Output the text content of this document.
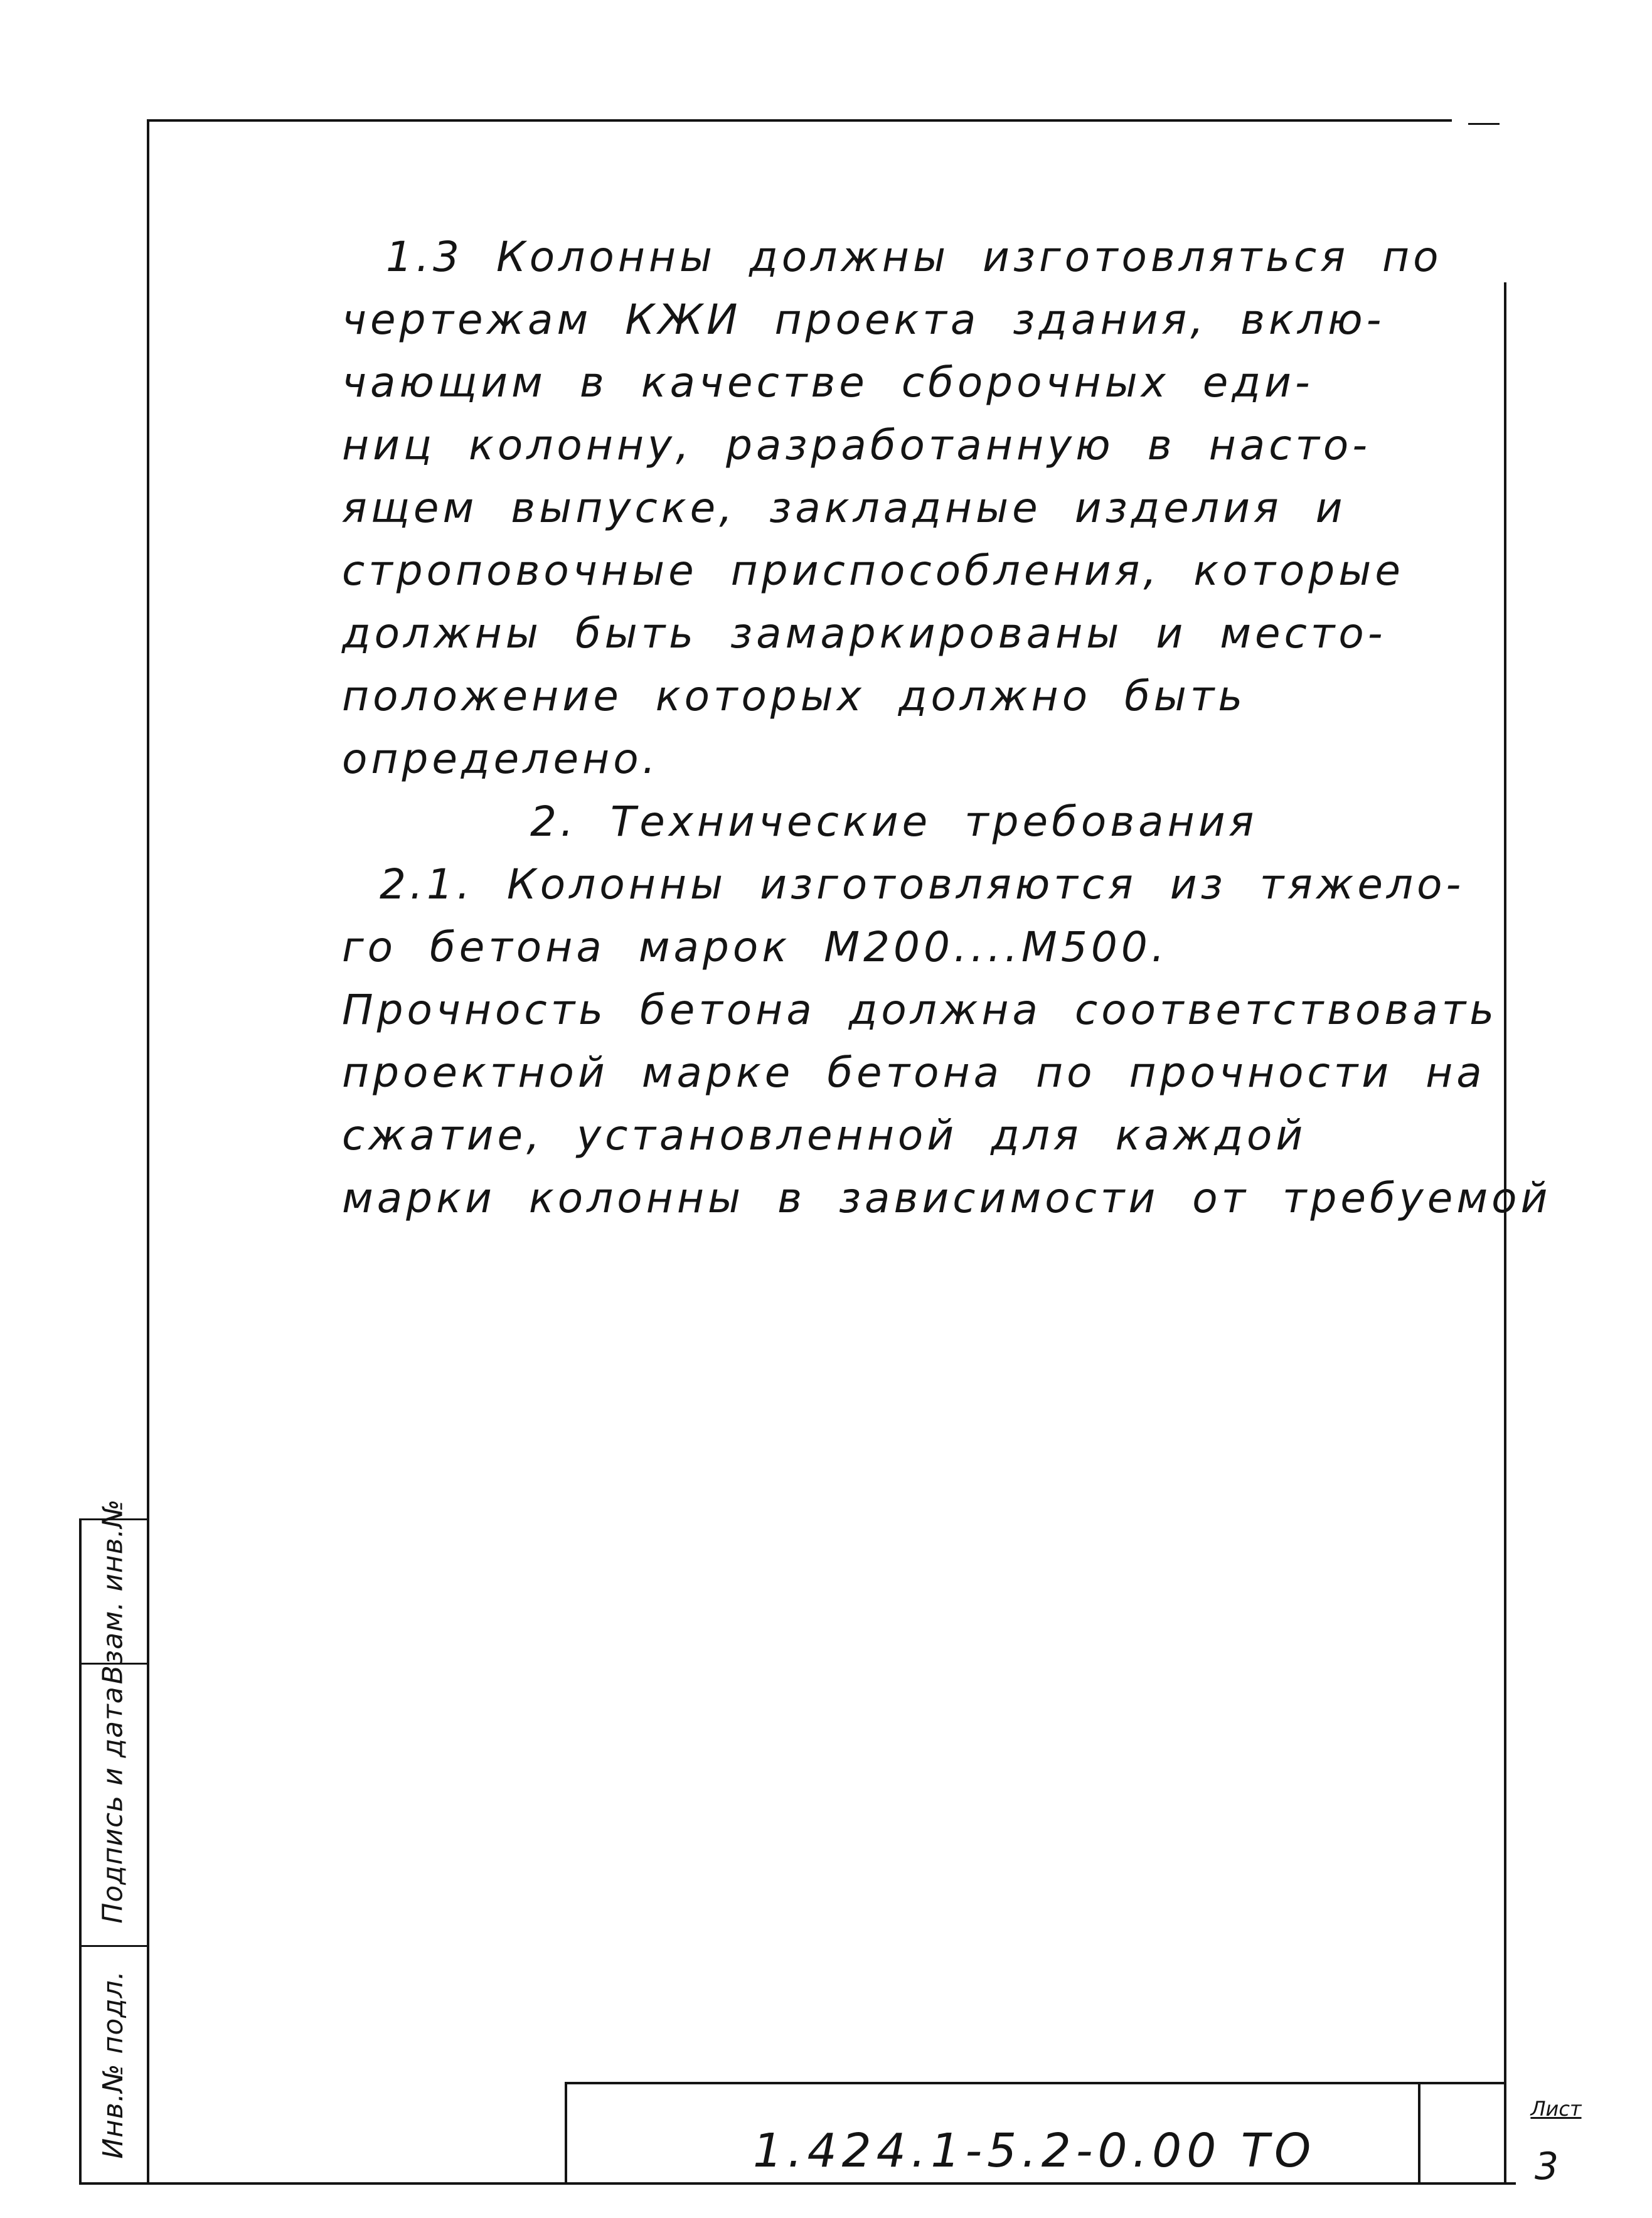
Взам. инв.№
Подпись и дата
Инв.№ подл.	1.424.1-5.2-0.00 ТО
Лист
3
1.3 Колонны должны изготовляться по
чертежам КЖИ проекта здания, вклю-
чающим в качестве сборочных еди-
ниц колонну, разработанную в насто-
ящем выпуске, закладные изделия и
строповочные приспособления, которые
должны быть замаркированы и место-
положение которых должно быть
определено.
2. Технические требования
2.1. Колонны изготовляются из тяжело-
го бетона марок М200....М500.
Прочность бетона должна соответствовать
проектной марке бетона по прочности на
сжатие, установленной для каждой
марки колонны в зависимости от требуемой
